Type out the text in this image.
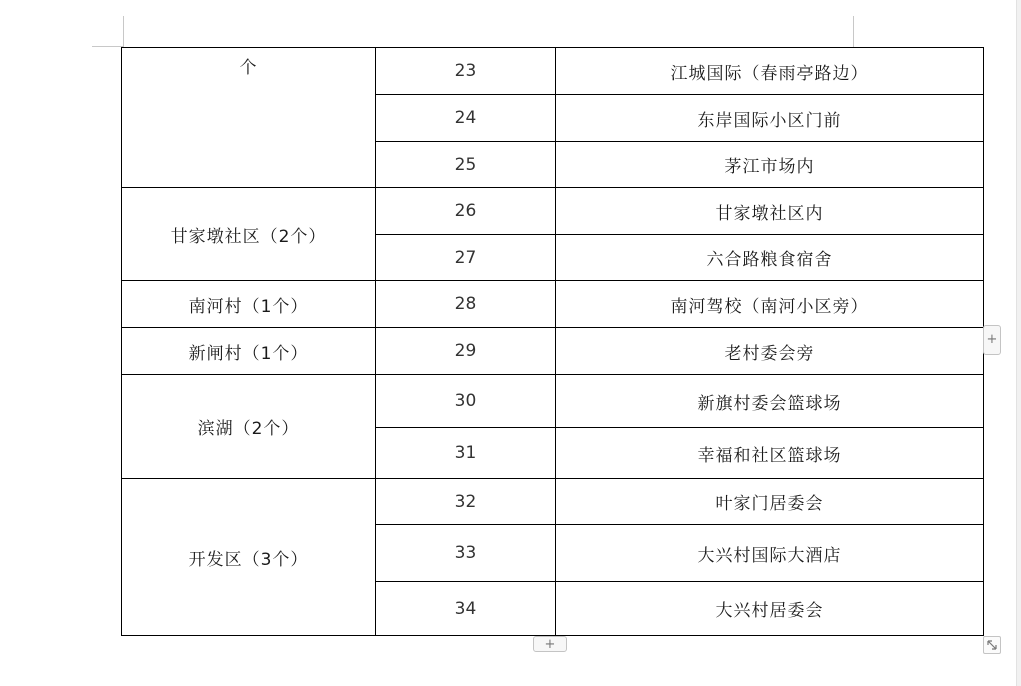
个	23	江城国际（春雨亭路边）
	24	东岸国际小区门前
	25	茅江市场内
甘家墩社区（2个）	26	甘家墩社区内
	27	六合路粮食宿舍
南河村（1个）	28	南河驾校（南河小区旁）
新闸村（1个）	29	老村委会旁
滨湖（2个）	30	新旗村委会篮球场
	31	幸福和社区篮球场
开发区（3个）	32	叶家门居委会
	33	大兴村国际大酒店
	34	大兴村居委会
+
+
